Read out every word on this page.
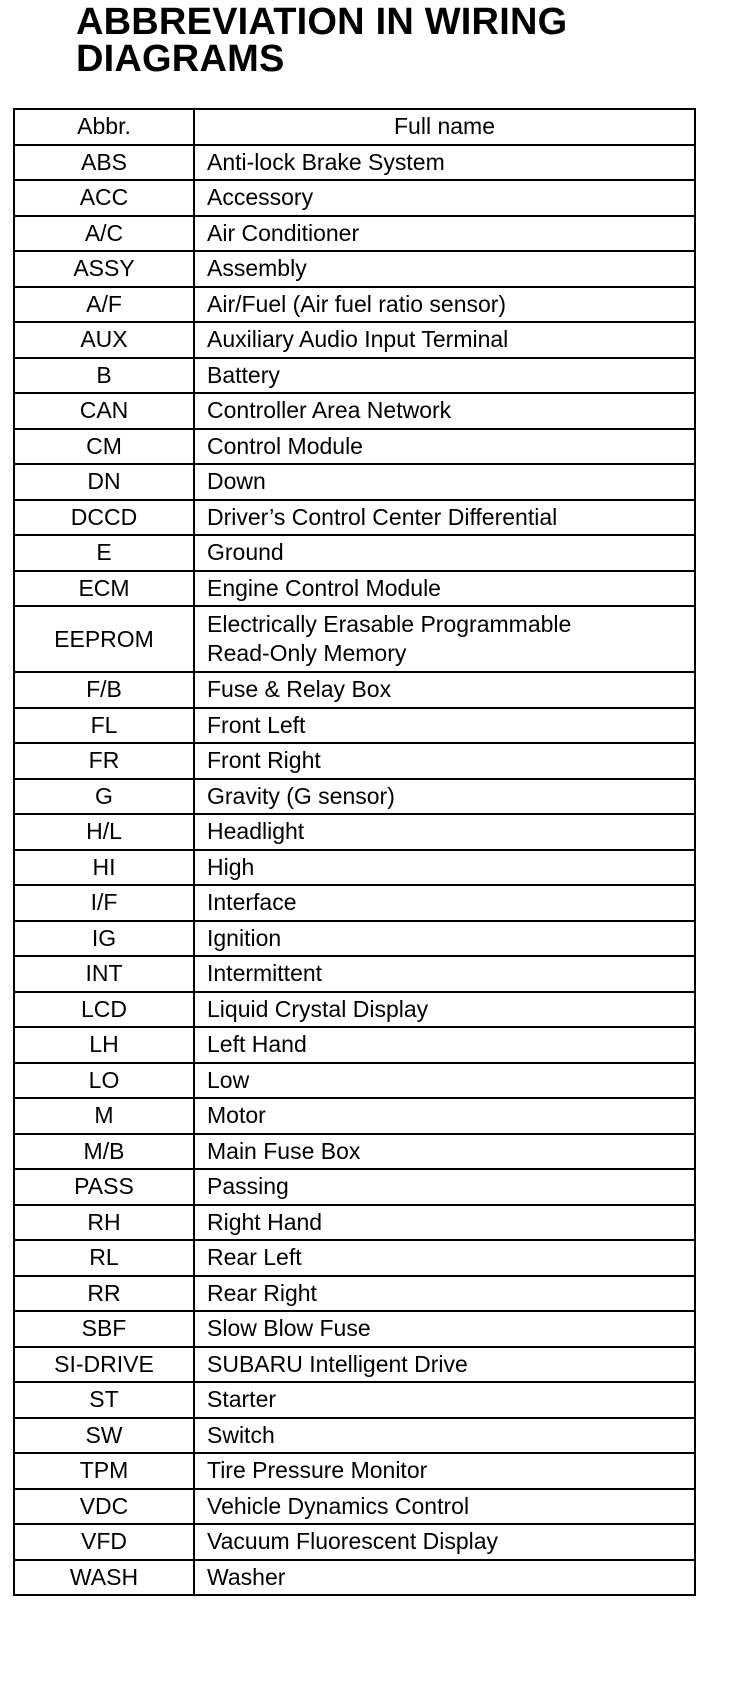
ABBREVIATION IN WIRING
DIAGRAMS
Abbr.	Full name
ABS	Anti-lock Brake System
ACC	Accessory
A/C	Air Conditioner
ASSY	Assembly
A/F	Air/Fuel (Air fuel ratio sensor)
AUX	Auxiliary Audio Input Terminal
B	Battery
CAN	Controller Area Network
CM	Control Module
DN	Down
DCCD	Driver’s Control Center Differential
E	Ground
ECM	Engine Control Module
EEPROM	Electrically Erasable Programmable
Read-Only Memory
F/B	Fuse & Relay Box
FL	Front Left
FR	Front Right
G	Gravity (G sensor)
H/L	Headlight
HI	High
I/F	Interface
IG	Ignition
INT	Intermittent
LCD	Liquid Crystal Display
LH	Left Hand
LO	Low
M	Motor
M/B	Main Fuse Box
PASS	Passing
RH	Right Hand
RL	Rear Left
RR	Rear Right
SBF	Slow Blow Fuse
SI-DRIVE	SUBARU Intelligent Drive
ST	Starter
SW	Switch
TPM	Tire Pressure Monitor
VDC	Vehicle Dynamics Control
VFD	Vacuum Fluorescent Display
WASH	Washer
